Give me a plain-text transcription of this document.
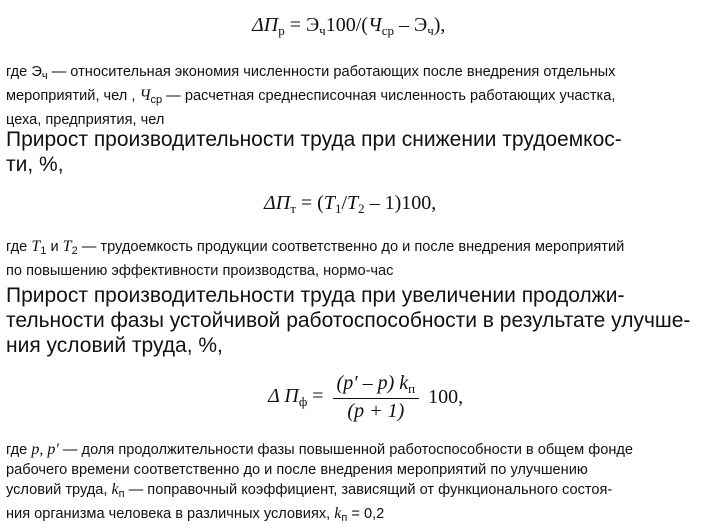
$\Delta П_р = Э_ч100/(Ч_{ср} - Э_ч)$,
где $Э_ч$ — относительная экономия численности работающих после внедрения отдельных
мероприятий, чел , $Ч_{ср}$ — расчетная среднесписочная численность работающих участка,
цеха, предприятия, чел
Прирост производительности труда при снижении трудоемкос-
ти, %,
$\Delta П_т = (T_1/T_2 - 1)100$,
где $T_1$ и $T_2$ — трудоемкость продукции соответственно до и после внедрения мероприятий
по повышению эффективности производства, нормо-час
Прирост производительности труда при увеличении продолжи-
тельности фазы устойчивой работоспособности в результате улучше-
ния условий труда, %,
Δ $П_ф = \frac{(p' - p) k_п}{(p + 1)} 100$,
где p, p′ — доля продолжительности фазы повышенной работоспособности в общем фонде
рабочего времени соответственно до и после внедрения мероприятий по улучшению
условий труда, $k_п$ — поправочный коэффициент, зависящий от функционального состоя-
ния организма человека в различных условиях, $k_п = 0,2$
